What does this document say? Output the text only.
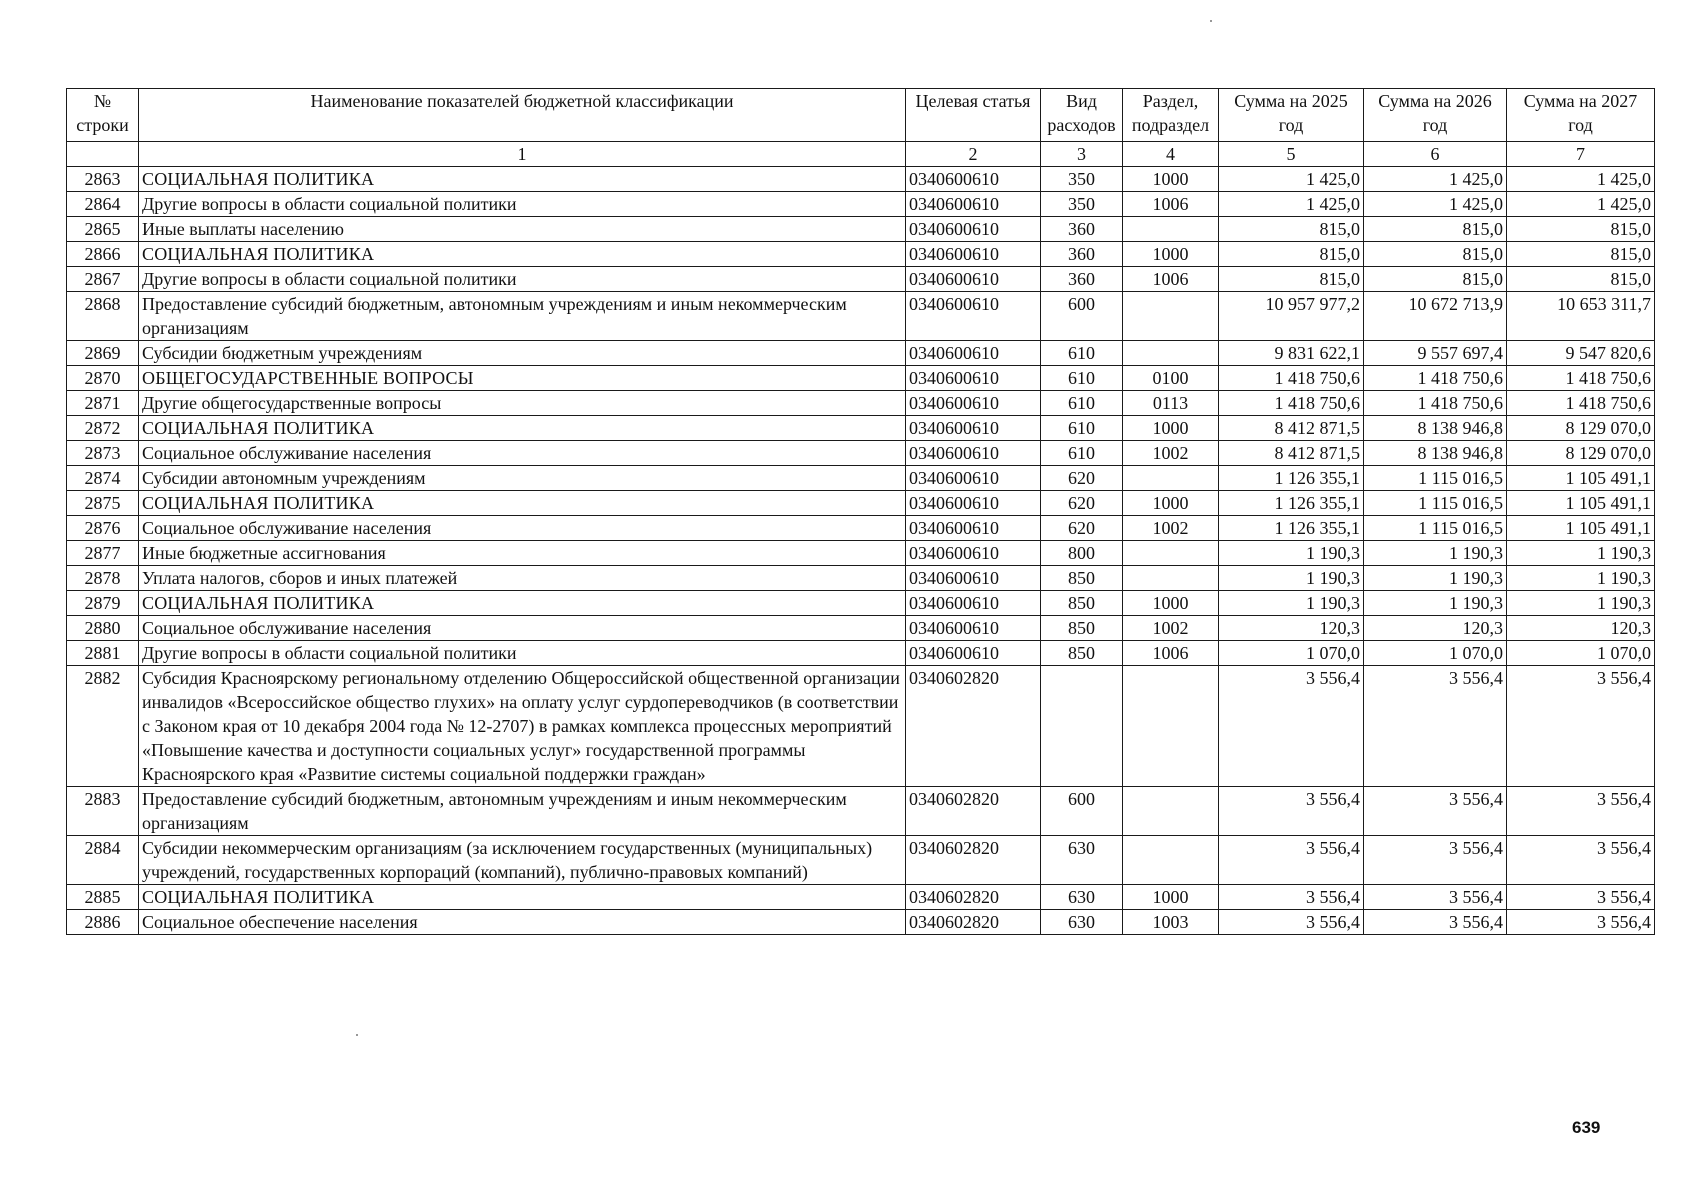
№ строки	Наименование показателей бюджетной классификации	Целевая статья	Вид расходов	Раздел, подраздел	Сумма на 2025 год	Сумма на 2026 год	Сумма на 2027 год
	1	2	3	4	5	6	7
2863	СОЦИАЛЬНАЯ ПОЛИТИКА	0340600610	350	1000	1 425,0	1 425,0	1 425,0
2864	Другие вопросы в области социальной политики	0340600610	350	1006	1 425,0	1 425,0	1 425,0
2865	Иные выплаты населению	0340600610	360		815,0	815,0	815,0
2866	СОЦИАЛЬНАЯ ПОЛИТИКА	0340600610	360	1000	815,0	815,0	815,0
2867	Другие вопросы в области социальной политики	0340600610	360	1006	815,0	815,0	815,0
2868	Предоставление субсидий бюджетным, автономным учреждениям и иным некоммерческим организациям	0340600610	600		10 957 977,2	10 672 713,9	10 653 311,7
2869	Субсидии бюджетным учреждениям	0340600610	610		9 831 622,1	9 557 697,4	9 547 820,6
2870	ОБЩЕГОСУДАРСТВЕННЫЕ ВОПРОСЫ	0340600610	610	0100	1 418 750,6	1 418 750,6	1 418 750,6
2871	Другие общегосударственные вопросы	0340600610	610	0113	1 418 750,6	1 418 750,6	1 418 750,6
2872	СОЦИАЛЬНАЯ ПОЛИТИКА	0340600610	610	1000	8 412 871,5	8 138 946,8	8 129 070,0
2873	Социальное обслуживание населения	0340600610	610	1002	8 412 871,5	8 138 946,8	8 129 070,0
2874	Субсидии автономным учреждениям	0340600610	620		1 126 355,1	1 115 016,5	1 105 491,1
2875	СОЦИАЛЬНАЯ ПОЛИТИКА	0340600610	620	1000	1 126 355,1	1 115 016,5	1 105 491,1
2876	Социальное обслуживание населения	0340600610	620	1002	1 126 355,1	1 115 016,5	1 105 491,1
2877	Иные бюджетные ассигнования	0340600610	800		1 190,3	1 190,3	1 190,3
2878	Уплата налогов, сборов и иных платежей	0340600610	850		1 190,3	1 190,3	1 190,3
2879	СОЦИАЛЬНАЯ ПОЛИТИКА	0340600610	850	1000	1 190,3	1 190,3	1 190,3
2880	Социальное обслуживание населения	0340600610	850	1002	120,3	120,3	120,3
2881	Другие вопросы в области социальной политики	0340600610	850	1006	1 070,0	1 070,0	1 070,0
2882	Субсидия Красноярскому региональному отделению Общероссийской общественной организации инвалидов «Всероссийское общество глухих» на оплату услуг сурдопереводчиков (в соответствии с Законом края от 10 декабря 2004 года № 12-2707) в рамках комплекса процессных мероприятий «Повышение качества и доступности социальных услуг» государственной программы Красноярского края «Развитие системы социальной поддержки граждан»	0340602820			3 556,4	3 556,4	3 556,4
2883	Предоставление субсидий бюджетным, автономным учреждениям и иным некоммерческим организациям	0340602820	600		3 556,4	3 556,4	3 556,4
2884	Субсидии некоммерческим организациям (за исключением государственных (муниципальных) учреждений, государственных корпораций (компаний), публично-правовых компаний)	0340602820	630		3 556,4	3 556,4	3 556,4
2885	СОЦИАЛЬНАЯ ПОЛИТИКА	0340602820	630	1000	3 556,4	3 556,4	3 556,4
2886	Социальное обеспечение населения	0340602820	630	1003	3 556,4	3 556,4	3 556,4
639
